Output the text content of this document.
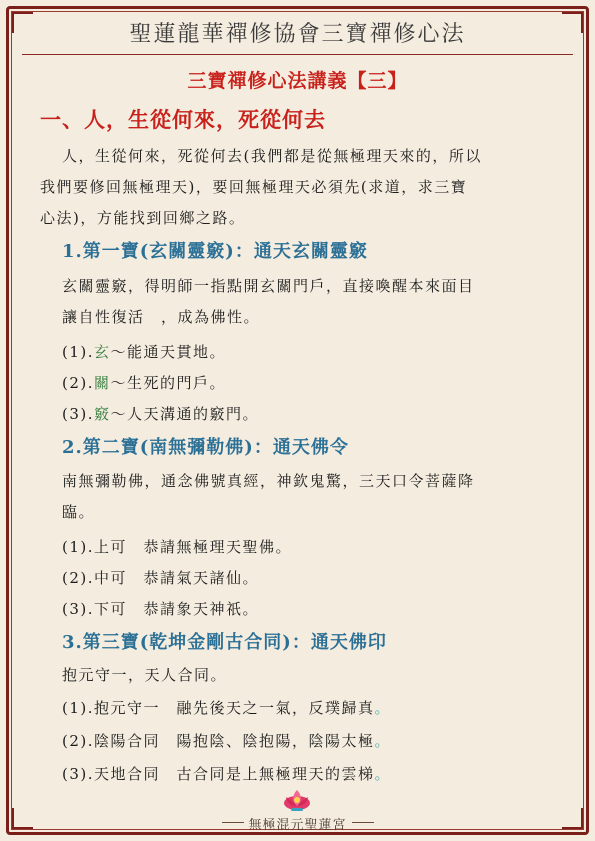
聖蓮龍華禪修協會三寶禪修心法
三寶禪修心法講義【三】
一、人，生從何來，死從何去
人，生從何來，死從何去(我們都是從無極理天來的，所以
我們要修回無極理天)，要回無極理天必須先(求道，求三寶
心法)，方能找到回鄉之路。
1.第一寶(玄關靈竅)：通天玄關靈竅
玄關靈竅，得明師一指點開玄關門戶，直接喚醒本來面目
讓自性復活　，成為佛性。
(1).玄～能通天貫地。
(2).關～生死的門戶。
(3).竅～人天溝通的竅門。
2.第二寶(南無彌勒佛)：通天佛令
南無彌勒佛，通念佛號真經，神欽鬼驚，三天口令菩薩降
臨。
(1).上可　恭請無極理天聖佛。
(2).中可　恭請氣天諸仙。
(3).下可　恭請象天神祇。
3.第三寶(乾坤金剛古合同)：通天佛印
抱元守一，天人合同。
(1).抱元守一　融先後天之一氣，反璞歸真。
(2).陰陽合同　陽抱陰、陰抱陽，陰陽太極。
(3).天地合同　古合同是上無極理天的雲梯。
無極混元聖蓮宮
